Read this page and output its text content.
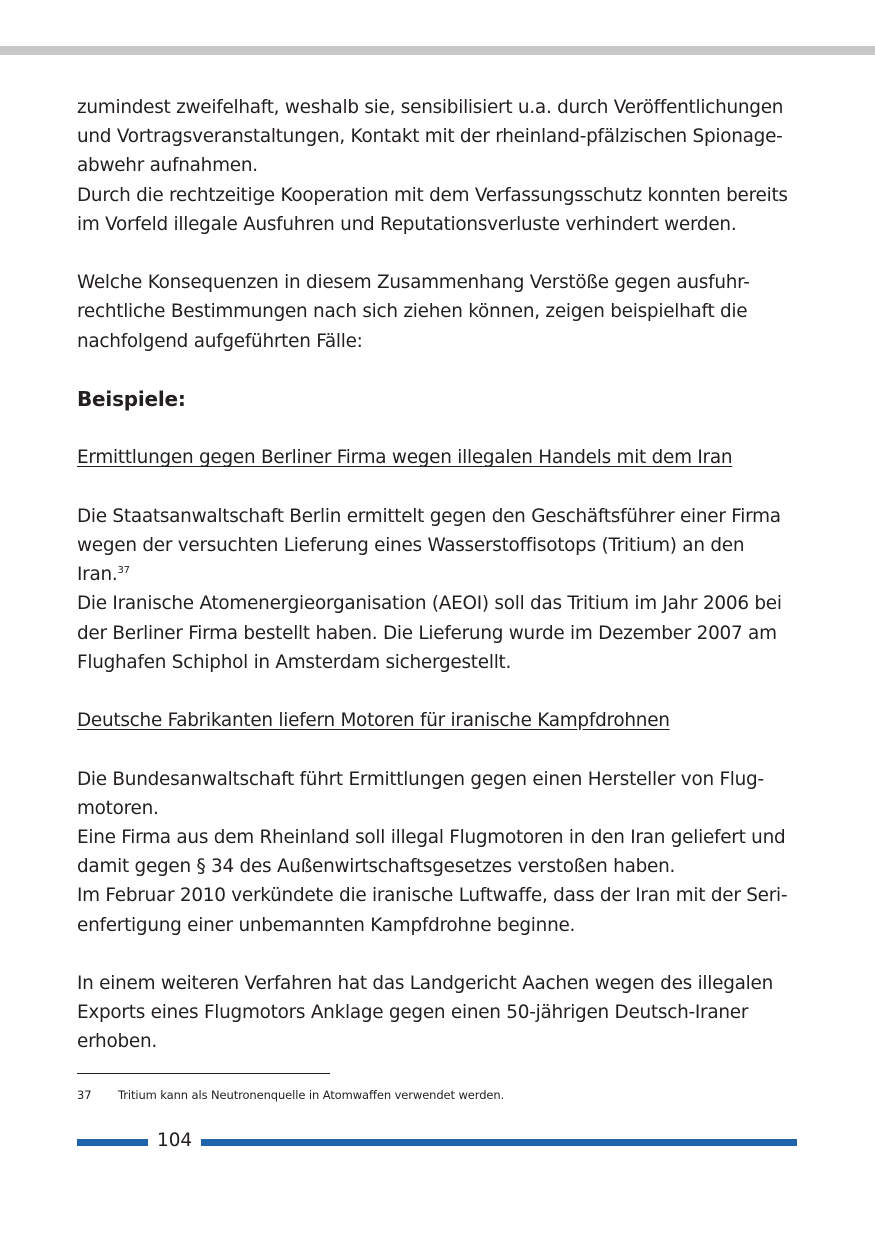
zumindest zweifelhaft, weshalb sie, sensibilisiert u.a. durch Veröffentlichungen
und Vortragsveranstaltungen, Kontakt mit der rheinland-pfälzischen Spionage-
abwehr aufnahmen.
Durch die rechtzeitige Kooperation mit dem Verfassungsschutz konnten bereits
im Vorfeld illegale Ausfuhren und Reputationsverluste verhindert werden.

Welche Konsequenzen in diesem Zusammenhang Verstöße gegen ausfuhr-
rechtliche Bestimmungen nach sich ziehen können, zeigen beispielhaft die
nachfolgend aufgeführten Fälle:

Beispiele:

Ermittlungen gegen Berliner Firma wegen illegalen Handels mit dem Iran

Die Staatsanwaltschaft Berlin ermittelt gegen den Geschäftsführer einer Firma
wegen der versuchten Lieferung eines Wasserstoffisotops (Tritium) an den
Iran.$^{37}$
Die Iranische Atomenergieorganisation (AEOI) soll das Tritium im Jahr 2006 bei
der Berliner Firma bestellt haben. Die Lieferung wurde im Dezember 2007 am
Flughafen Schiphol in Amsterdam sichergestellt.

Deutsche Fabrikanten liefern Motoren für iranische Kampfdrohnen

Die Bundesanwaltschaft führt Ermittlungen gegen einen Hersteller von Flug-
motoren.
Eine Firma aus dem Rheinland soll illegal Flugmotoren in den Iran geliefert und
damit gegen § 34 des Außenwirtschaftsgesetzes verstoßen haben.
Im Februar 2010 verkündete die iranische Luftwaffe, dass der Iran mit der Seri-
enfertigung einer unbemannten Kampfdrohne beginne.

In einem weiteren Verfahren hat das Landgericht Aachen wegen des illegalen
Exports eines Flugmotors Anklage gegen einen 50-jährigen Deutsch-Iraner
erhoben.

37 Tritium kann als Neutronenquelle in Atomwaffen verwendet werden.
104
